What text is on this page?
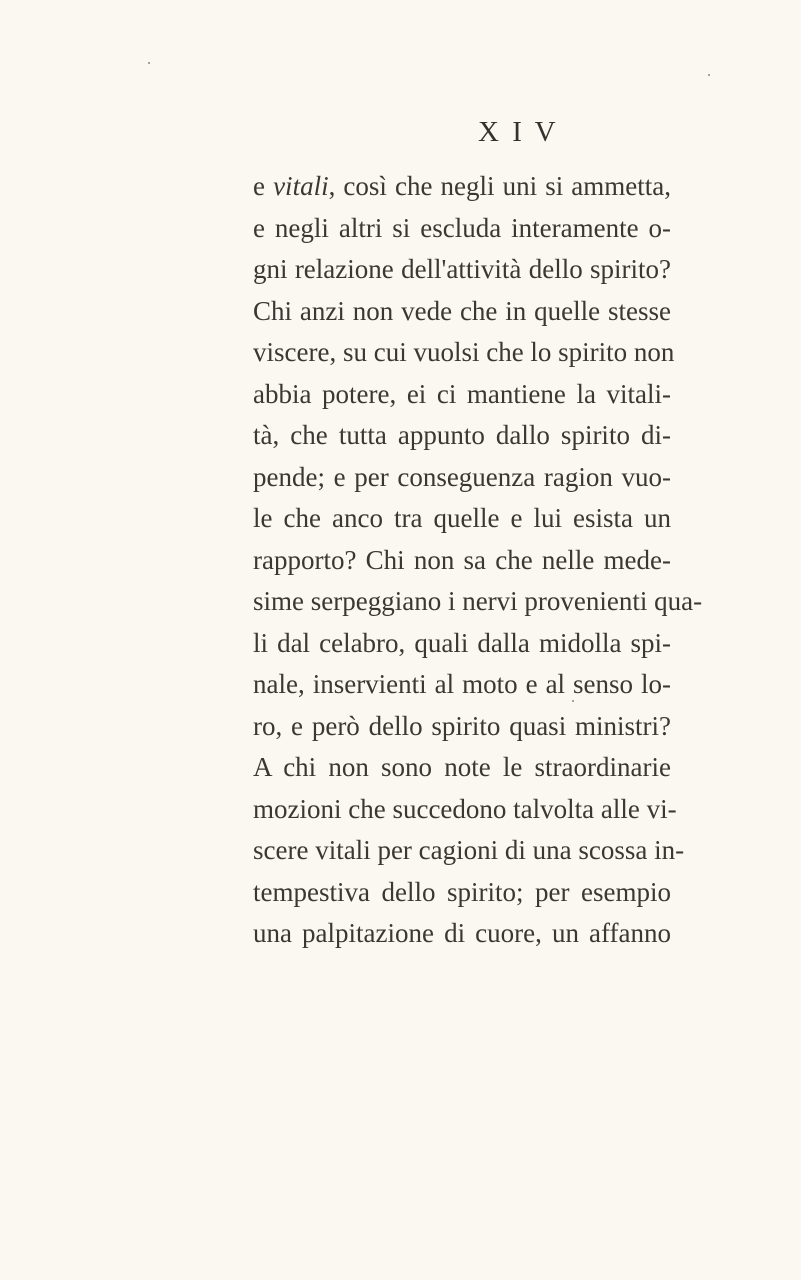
X I V
e vitali, così che negli uni si ammetta,
e negli altri si escluda interamente o-
gni relazione dell'attività dello spirito?
Chi anzi non vede che in quelle stesse
viscere, su cui vuolsi che lo spirito non
abbia potere, ei ci mantiene la vitali-
tà, che tutta appunto dallo spirito di-
pende; e per conseguenza ragion vuo-
le che anco tra quelle e lui esista un
rapporto? Chi non sa che nelle mede-
sime serpeggiano i nervi provenienti qua-
li dal celabro, quali dalla midolla spi-
nale, inservienti al moto e al senso lo-
ro, e però dello spirito quasi ministri?
A chi non sono note le straordinarie
mozioni che succedono talvolta alle vi-
scere vitali per cagioni di una scossa in-
tempestiva dello spirito; per esempio
una palpitazione di cuore, un affanno
